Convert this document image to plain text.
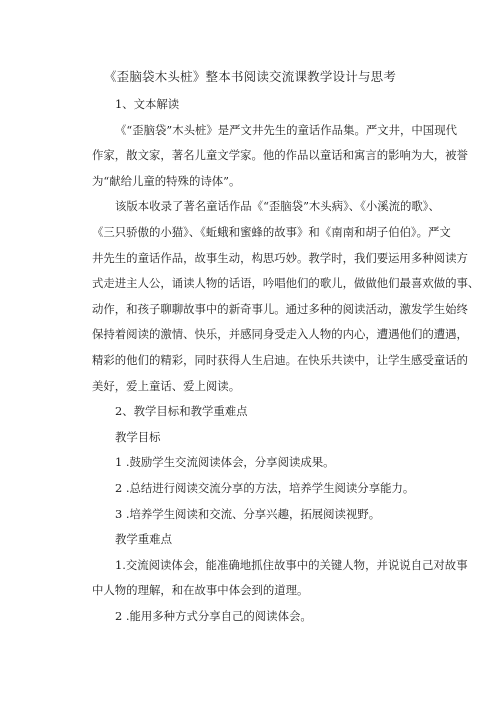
《歪脑袋木头桩》整本书阅读交流课教学设计与思考
1、文本解读
《“歪脑袋”木头桩》是严文井先生的童话作品集。严文井，中国现代
作家，散文家，著名儿童文学家。他的作品以童话和寓言的影响为大，被誉
为“献给儿童的特殊的诗体”。
该版本收录了著名童话作品《“歪脑袋”木头病》、《小溪流的歌》、
《三只骄傲的小猫》、《蚯蛾和蜜蜂的故事》和《南南和胡子伯伯》。严文
井先生的童话作品，故事生动，构思巧妙。教学时，我们要运用多种阅读方
式走进主人公，诵读人物的话语，吟唱他们的歌儿，做做他们最喜欢做的事、
动作，和孩子聊聊故事中的新奇事儿。通过多种的阅读活动，激发学生始终
保持着阅读的激情、快乐，并感同身受走入人物的内心，遭遇他们的遭遇，
精彩的他们的精彩，同时获得人生启迪。在快乐共读中，让学生感受童话的
美好，爱上童话、爱上阅读。
2、教学目标和教学重难点
教学目标
1 .鼓励学生交流阅读体会，分享阅读成果。
2 .总结进行阅读交流分享的方法，培养学生阅读分享能力。
3 .培养学生阅读和交流、分享兴趣，拓展阅读视野。
教学重难点
1.交流阅读体会，能准确地抓住故事中的关键人物，并说说自己对故事
中人物的理解，和在故事中体会到的道理。
2 .能用多种方式分享自己的阅读体会。
